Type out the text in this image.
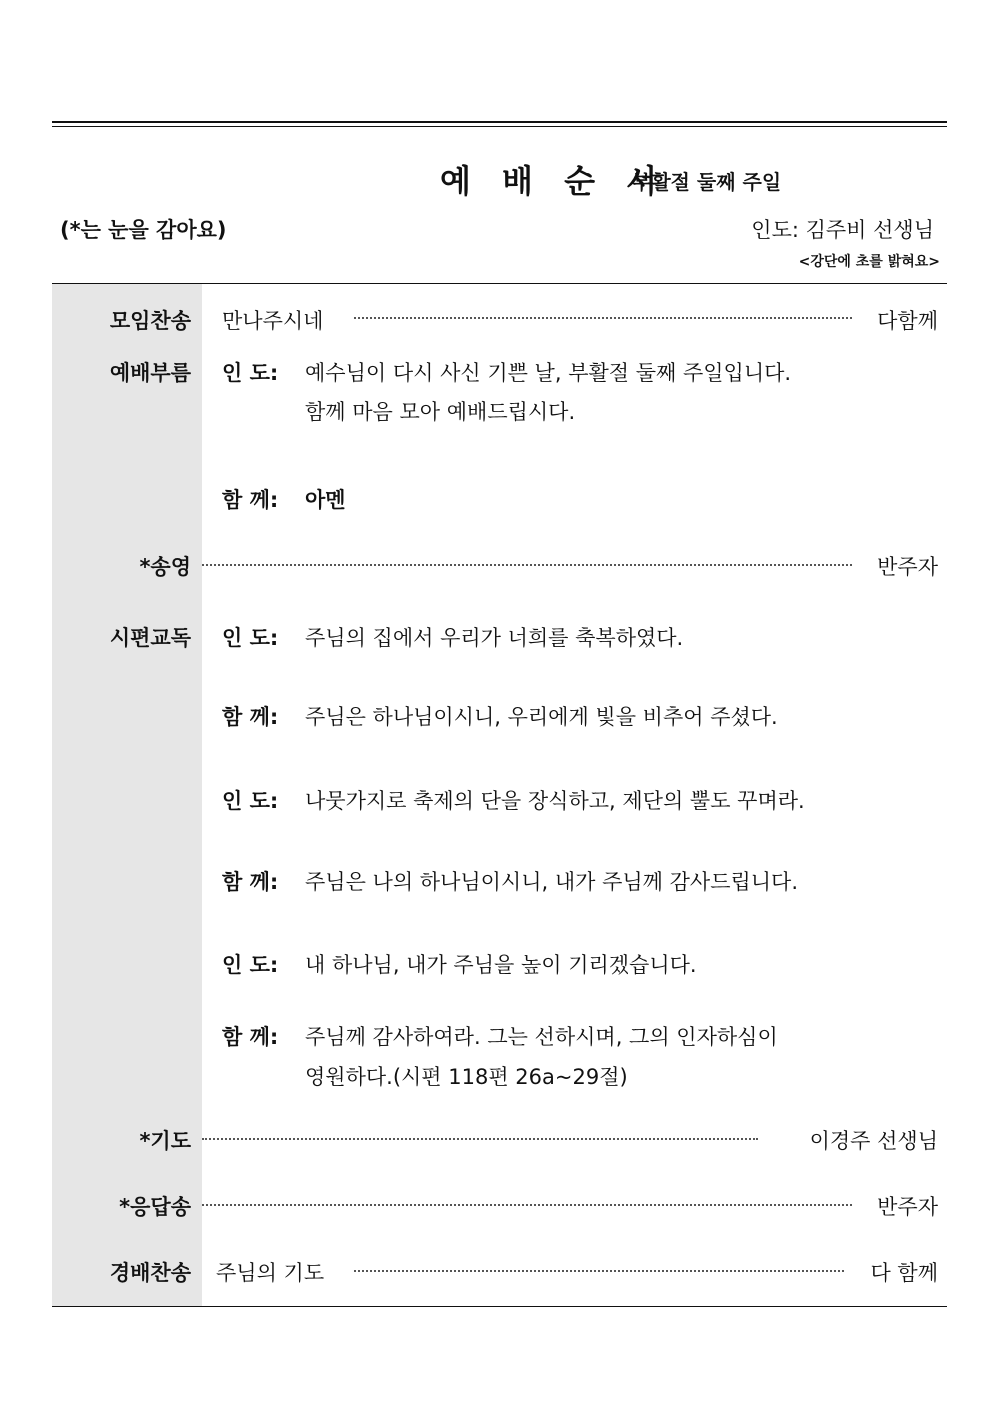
예 배 순 서
부활절 둘째 주일
(*는 눈을 감아요)	인도: 김주비 선생님
<강단에 초를 밝혀요>
모임찬송 만나주시네	다함께
예배부름 인 도: 예수님이 다시 사신 기쁜 날, 부활절 둘째 주일입니다.
함께 마음 모아 예배드립시다.
함 께: 아멘
*송영	반주자
시편교독 인 도: 주님의 집에서 우리가 너희를 축복하였다.
함 께: 주님은 하나님이시니, 우리에게 빛을 비추어 주셨다.
인 도: 나뭇가지로 축제의 단을 장식하고, 제단의 뿔도 꾸며라.
함 께: 주님은 나의 하나님이시니, 내가 주님께 감사드립니다.
인 도: 내 하나님, 내가 주님을 높이 기리겠습니다.
함 께: 주님께 감사하여라. 그는 선하시며, 그의 인자하심이
영원하다.(시편 118편 26a~29절)
*기도	이경주 선생님
*응답송	반주자
경배찬송 주님의 기도	다 함께
